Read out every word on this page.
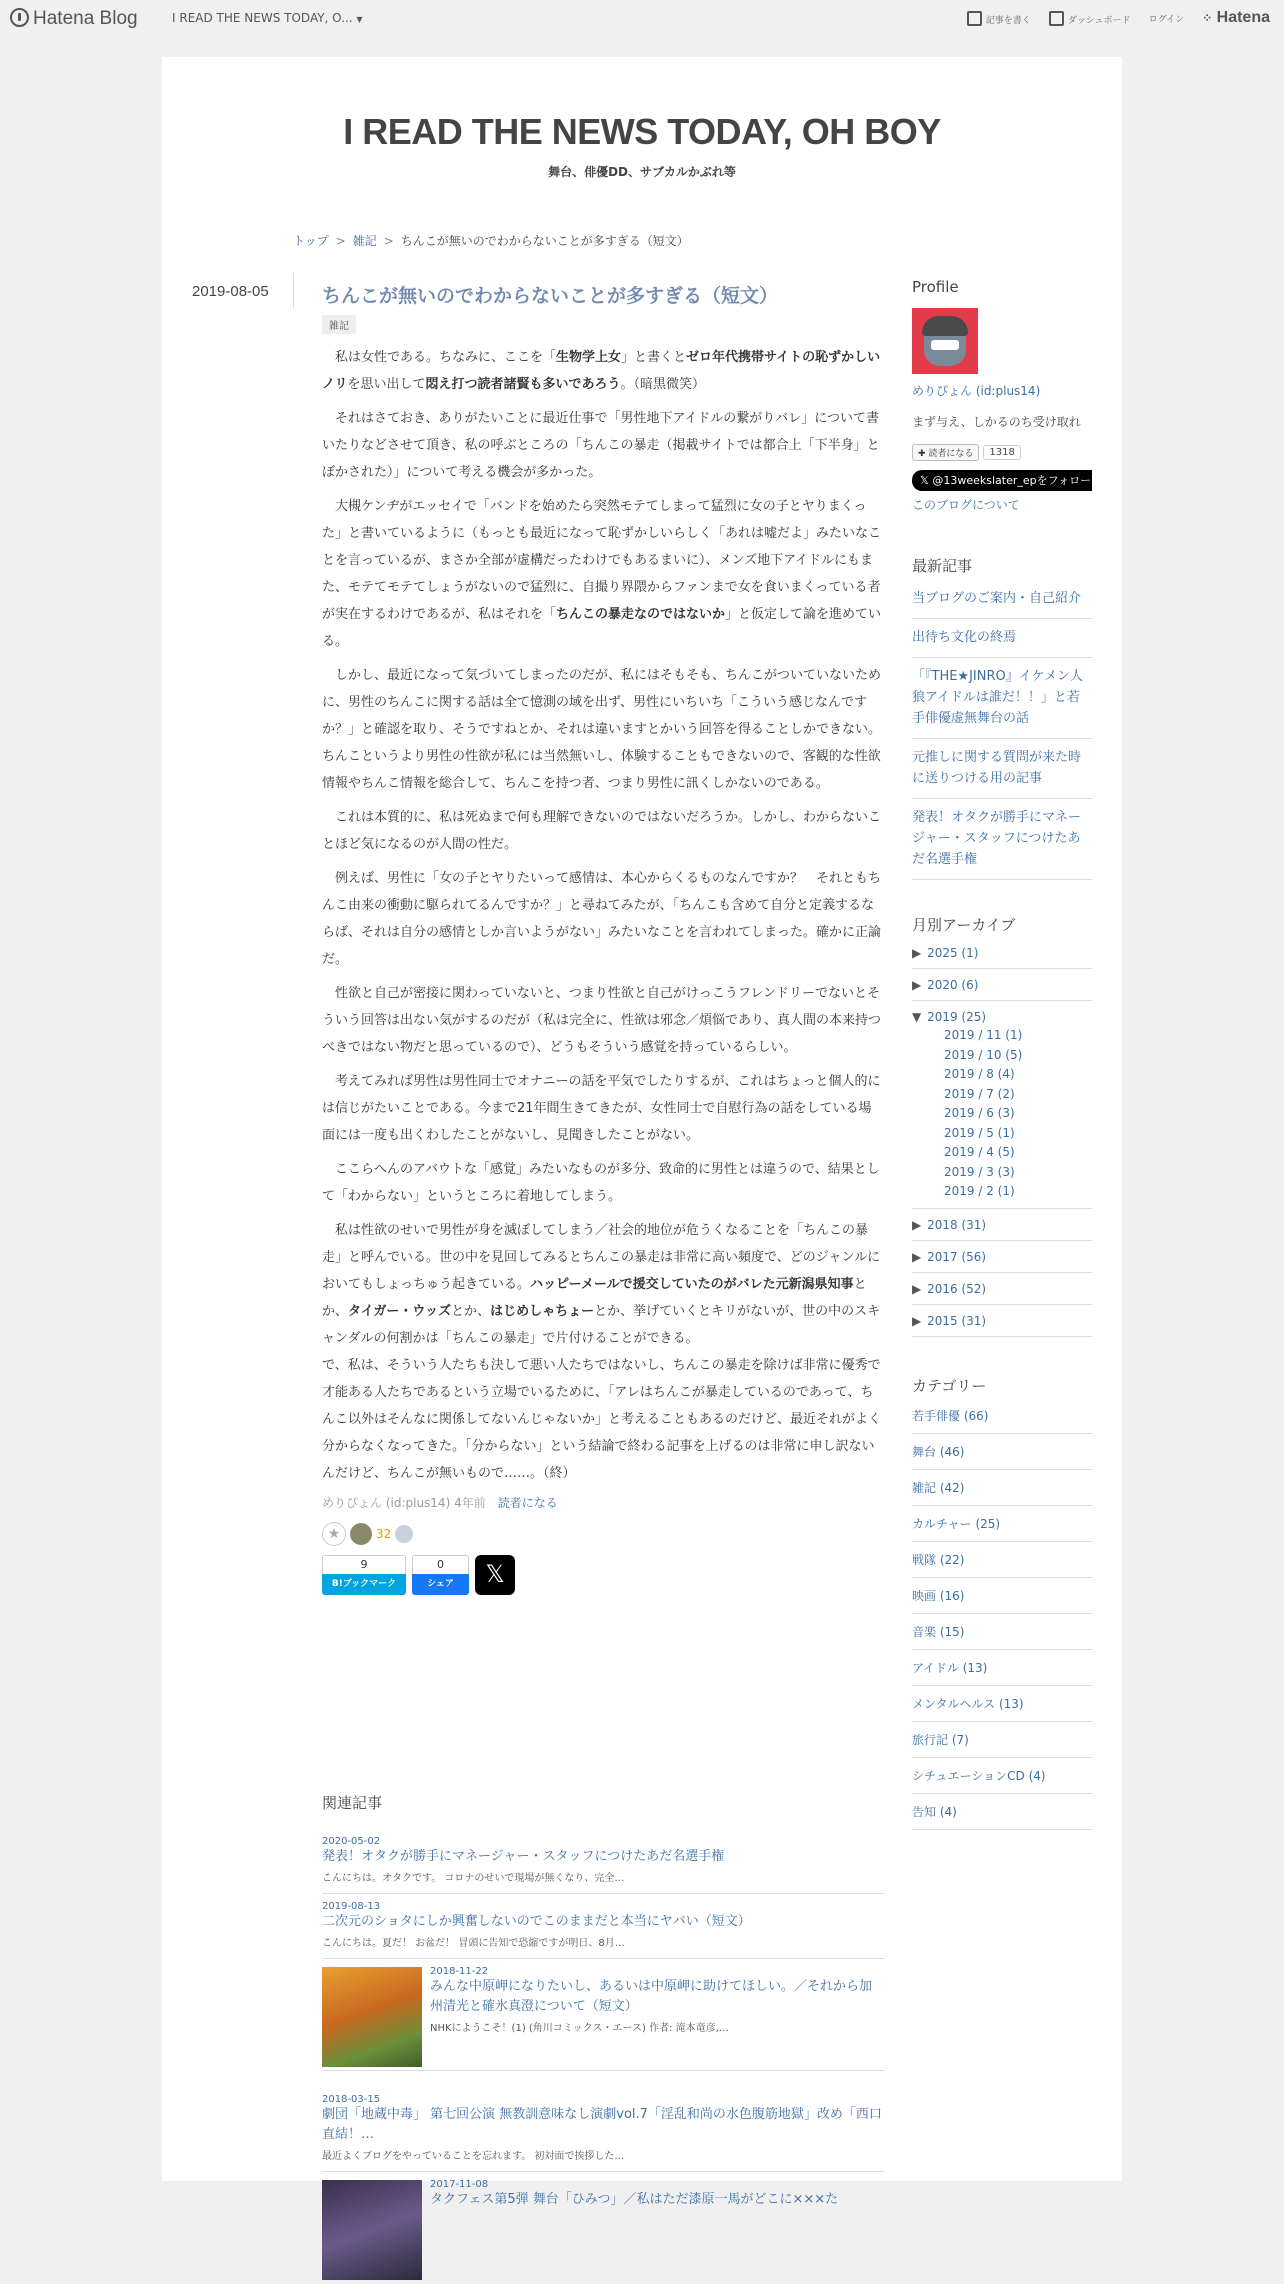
Hatena Blog	I READ THE NEWS TODAY, O... ▼	記事を書く	ダッシュボード ログイン ⁘ Hatena
I READ THE NEWS TODAY, OH BOY
舞台、俳優DD、サブカルかぶれ等
トップ > 雑記 > ちんこが無いのでわからないことが多すぎる（短文）
2019-08-05	ちんこが無いのでわからないことが多すぎる（短文）
雑記

私は女性である。ちなみに、ここを「生物学上女」と書くとゼロ年代携帯サイトの恥ずかしいノリを思い出して悶え打つ読者諸賢も多いであろう。（暗黒微笑）

それはさておき、ありがたいことに最近仕事で「男性地下アイドルの繋がりバレ」について書いたりなどさせて頂き、私の呼ぶところの「ちんこの暴走（掲載サイトでは都合上「下半身」とぼかされた）」について考える機会が多かった。

大槻ケンヂがエッセイで「バンドを始めたら突然モテてしまって猛烈に女の子とヤりまくった」と書いているように（もっとも最近になって恥ずかしいらしく「あれは嘘だよ」みたいなことを言っているが、まさか全部が虚構だったわけでもあるまいに）、メンズ地下アイドルにもまた、モテてモテてしょうがないので猛烈に、自撮り界隈からファンまで女を食いまくっている者が実在するわけであるが、私はそれを「ちんこの暴走なのではないか」と仮定して論を進めている。

しかし、最近になって気づいてしまったのだが、私にはそもそも、ちんこがついていないために、男性のちんこに関する話は全て憶測の域を出ず、男性にいちいち「こういう感じなんですか？」と確認を取り、そうですねとか、それは違いますとかいう回答を得ることしかできない。ちんこというより男性の性欲が私には当然無いし、体験することもできないので、客観的な性欲情報やちんこ情報を総合して、ちんこを持つ者、つまり男性に訊くしかないのである。

これは本質的に、私は死ぬまで何も理解できないのではないだろうか。しかし、わからないことほど気になるのが人間の性だ。

例えば、男性に「女の子とヤりたいって感情は、本心からくるものなんですか？　それともちんこ由来の衝動に駆られてるんですか？」と尋ねてみたが、「ちんこも含めて自分と定義するならば、それは自分の感情としか言いようがない」みたいなことを言われてしまった。確かに正論だ。

性欲と自己が密接に関わっていないと、つまり性欲と自己がけっこうフレンドリーでないとそういう回答は出ない気がするのだが（私は完全に、性欲は邪念／煩悩であり、真人間の本来持つべきではない物だと思っているので）、どうもそういう感覚を持っているらしい。

考えてみれば男性は男性同士でオナニーの話を平気でしたりするが、これはちょっと個人的には信じがたいことである。今まで21年間生きてきたが、女性同士で自慰行為の話をしている場面には一度も出くわしたことがないし、見聞きしたことがない。

ここらへんのアバウトな「感覚」みたいなものが多分、致命的に男性とは違うので、結果として「わからない」というところに着地してしまう。

私は性欲のせいで男性が身を滅ぼしてしまう／社会的地位が危うくなることを「ちんこの暴走」と呼んでいる。世の中を見回してみるとちんこの暴走は非常に高い頻度で、どのジャンルにおいてもしょっちゅう起きている。ハッピーメールで援交していたのがバレた元新潟県知事とか、タイガー・ウッズとか、はじめしゃちょーとか、挙げていくとキリがないが、世の中のスキャンダルの何割かは「ちんこの暴走」で片付けることができる。

で、私は、そういう人たちも決して悪い人たちではないし、ちんこの暴走を除けば非常に優秀で才能ある人たちであるという立場でいるために、「アレはちんこが暴走しているのであって、ちんこ以外はそんなに関係してないんじゃないか」と考えることもあるのだけど、最近それがよく分からなくなってきた。「分からない」という結論で終わる記事を上げるのは非常に申し訳ないんだけど、ちんこが無いもので……。（終）

めりぴょん (id:plus14) 4年前　 読者になる
★	32
9
B!ブックマーク
0
シェア	𝕏
関連記事
2020-05-02
発表！オタクが勝手にマネージャー・スタッフにつけたあだ名選手権
こんにちは。オタクです。 コロナのせいで現場が無くなり、完全…
2019-08-13
二次元のショタにしか興奮しないのでこのままだと本当にヤバい（短文）
こんにちは。夏だ！ お盆だ！ 冒頭に告知で恐縮ですが明日、8月…
2018-11-22
みんな中原岬になりたいし、あるいは中原岬に助けてほしい。／それから加州清光と確氷真澄について（短文）
NHKにようこそ！(1) (角川コミックス・エース) 作者: 滝本竜彦,…
2018-03-15
劇団「地蔵中毒」 第七回公演 無教訓意味なし演劇vol.7「淫乱和尚の水色腹筋地獄」改め「西口直結！…
最近よくブログをやっていることを忘れます。 初対面で挨拶した…
2017-11-08
タクフェス第5弾 舞台「ひみつ」／私はただ漆原一馬がどこに×××た
Profile
めりぴょん (id:plus14)
まず与え、しかるのち受け取れ
✚ 読者になる	1318
𝕏 @13weekslater_epをフォロー
このブログについて
最新記事
当ブログのご案内・自己紹介
出待ち文化の終焉
「『THE★JINRO』イケメン人狼アイドルは誰だ！！」と若手俳優虚無舞台の話
元推しに関する質問が来た時に送りつける用の記事
発表！オタクが勝手にマネージャー・スタッフにつけたあだ名選手権
月別アーカイブ
▶ 2025 (1)
▶ 2020 (6)
▼ 2019 (25)
2019 / 11 (1)
2019 / 10 (5)
2019 / 8 (4)
2019 / 7 (2)
2019 / 6 (3)
2019 / 5 (1)
2019 / 4 (5)
2019 / 3 (3)
2019 / 2 (1)
▶ 2018 (31)
▶ 2017 (56)
▶ 2016 (52)
▶ 2015 (31)
カテゴリー
若手俳優 (66)
舞台 (46)
雑記 (42)
カルチャー (25)
戦隊 (22)
映画 (16)
音楽 (15)
アイドル (13)
メンタルヘルス (13)
旅行記 (7)
シチュエーションCD (4)
告知 (4)
